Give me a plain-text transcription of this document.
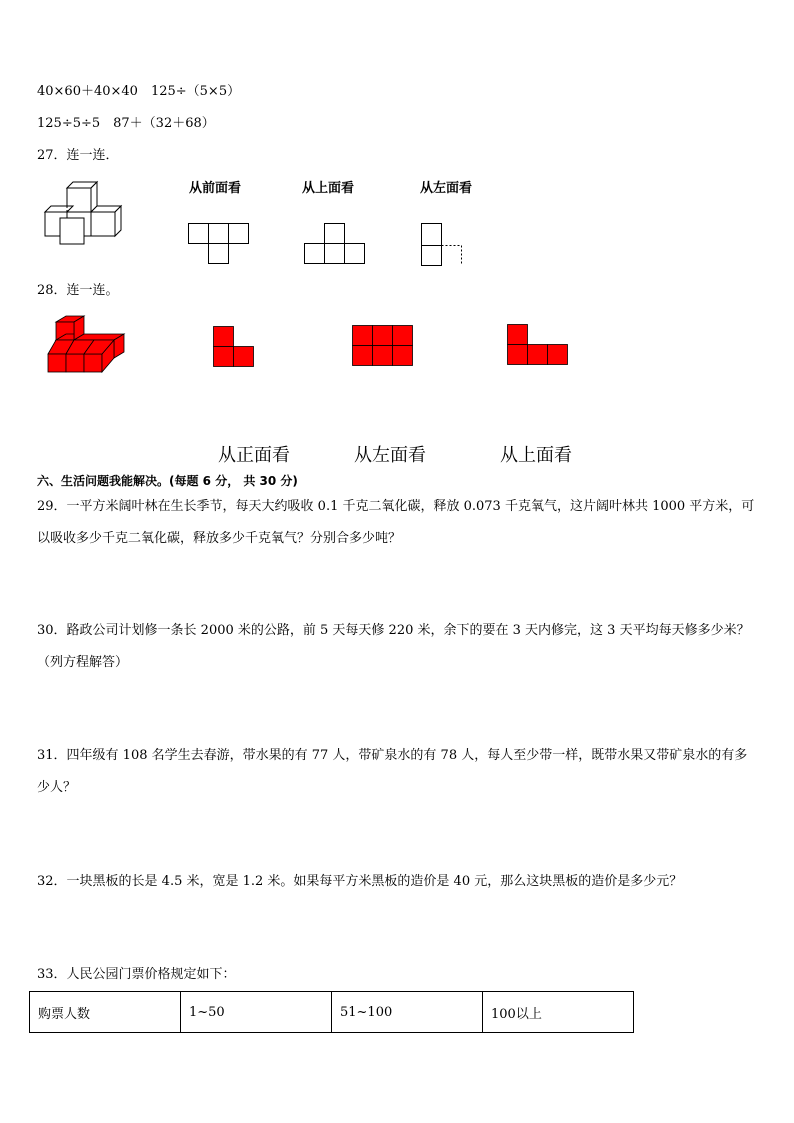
40×60＋40×40　125÷（5×5）
125÷5÷5　87＋（32＋68）
27．连一连．
从前面看	从上面看	从左面看
28．连一连。
从正面看	从左面看	从上面看
六、生活问题我能解决。(每题 6 分， 共 30 分)
29．一平方米阔叶林在生长季节，每天大约吸收 0.1 千克二氧化碳，释放 0.073 千克氧气，这片阔叶林共 1000 平方米，可以吸收多少千克二氧化碳，释放多少千克氧气？分别合多少吨？
30．路政公司计划修一条长 2000 米的公路，前 5 天每天修 220 米，余下的要在 3 天内修完，这 3 天平均每天修多少米？（列方程解答）
31．四年级有 108 名学生去春游，带水果的有 77 人，带矿泉水的有 78 人，每人至少带一样，既带水果又带矿泉水的有多少人？
32．一块黑板的长是 4.5 米，宽是 1.2 米。如果每平方米黑板的造价是 40 元，那么这块黑板的造价是多少元？
33．人民公园门票价格规定如下：
购票人数	1~50	51~100	100以上
